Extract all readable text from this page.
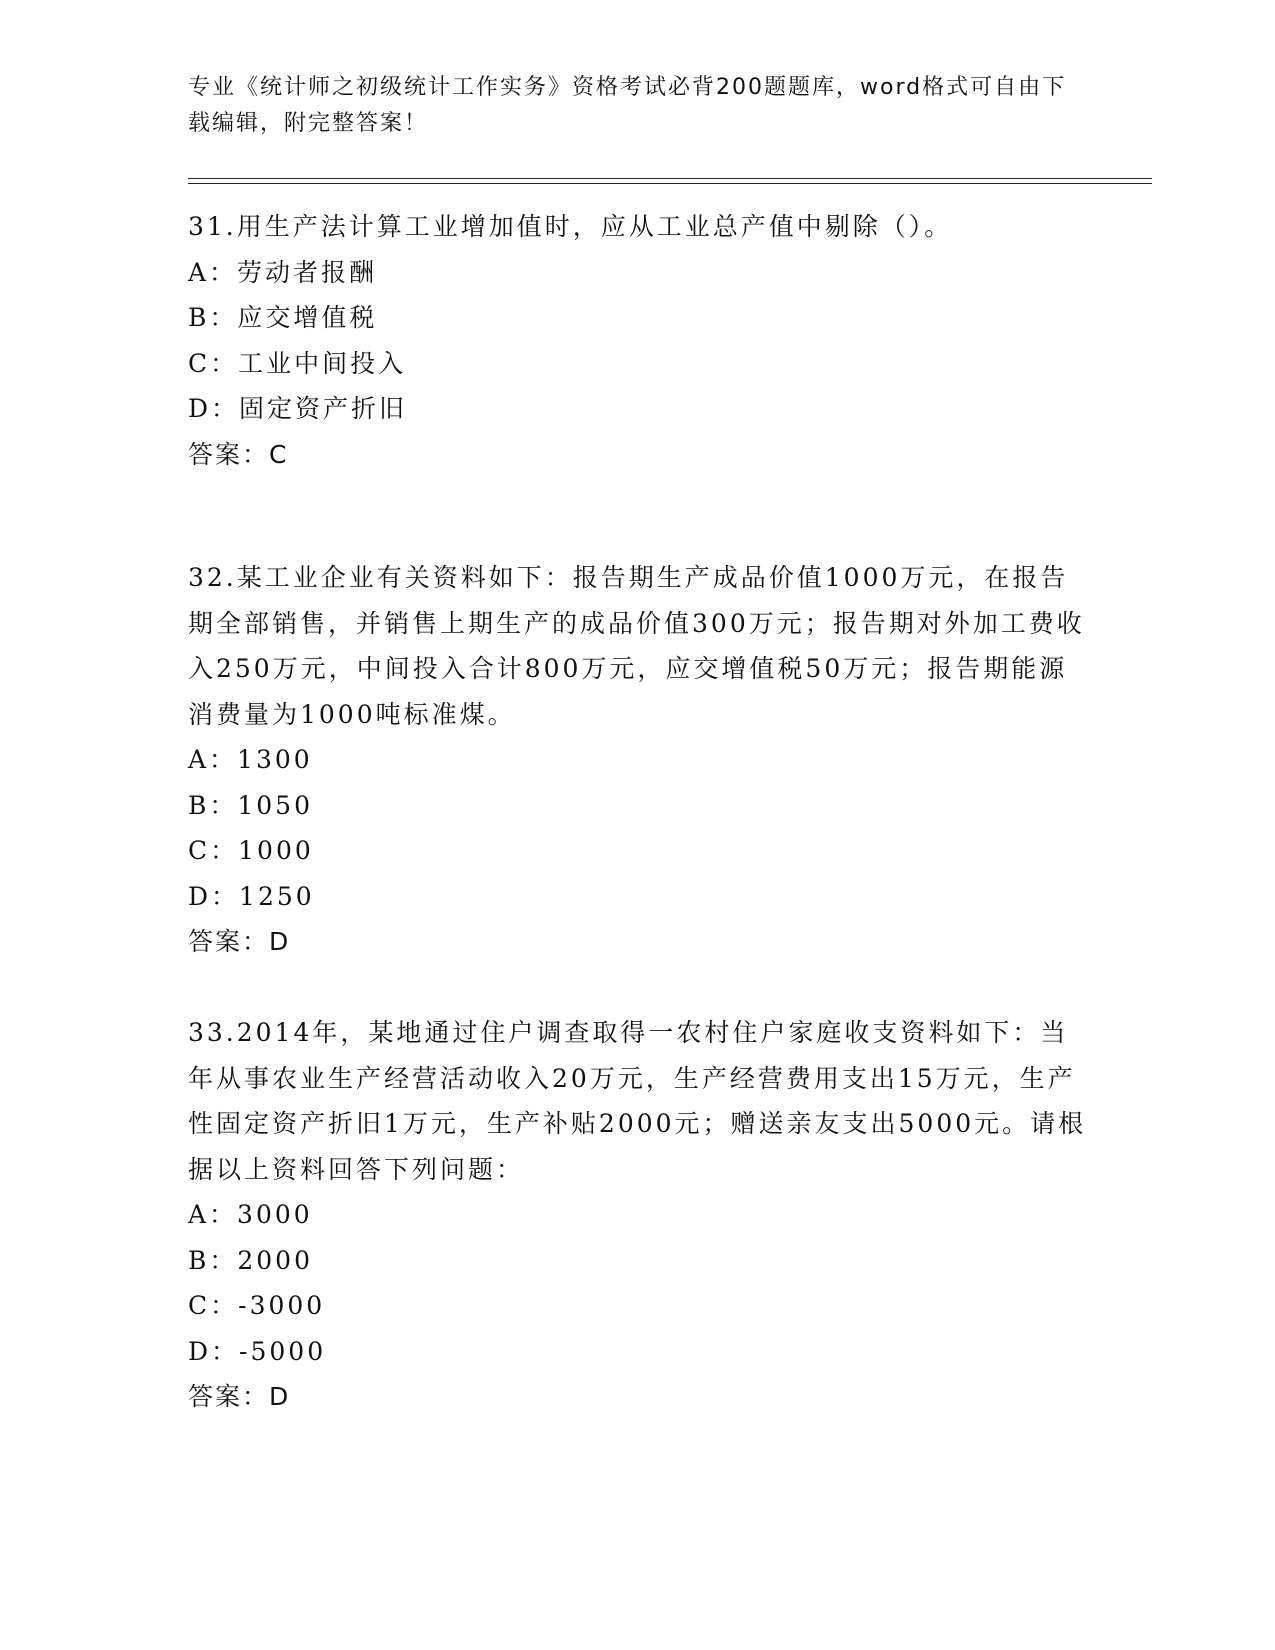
专业《统计师之初级统计工作实务》资格考试必背200题题库，word格式可自由下载编辑，附完整答案！

31.用生产法计算工业增加值时，应从工业总产值中剔除（）。

A：劳动者报酬

B：应交增值税

C：工业中间投入

D：固定资产折旧

答案：C

32.某工业企业有关资料如下：报告期生产成品价值1000万元，在报告期全部销售，并销售上期生产的成品价值300万元；报告期对外加工费收入250万元，中间投入合计800万元，应交增值税50万元；报告期能源消费量为1000吨标准煤。

A：1300

B：1050

C：1000

D：1250

答案：D

33.2014年，某地通过住户调查取得一农村住户家庭收支资料如下：当年从事农业生产经营活动收入20万元，生产经营费用支出15万元，生产性固定资产折旧1万元，生产补贴2000元；赠送亲友支出5000元。请根据以上资料回答下列问题：

A：3000

B：2000

C：-3000

D：-5000

答案：D
